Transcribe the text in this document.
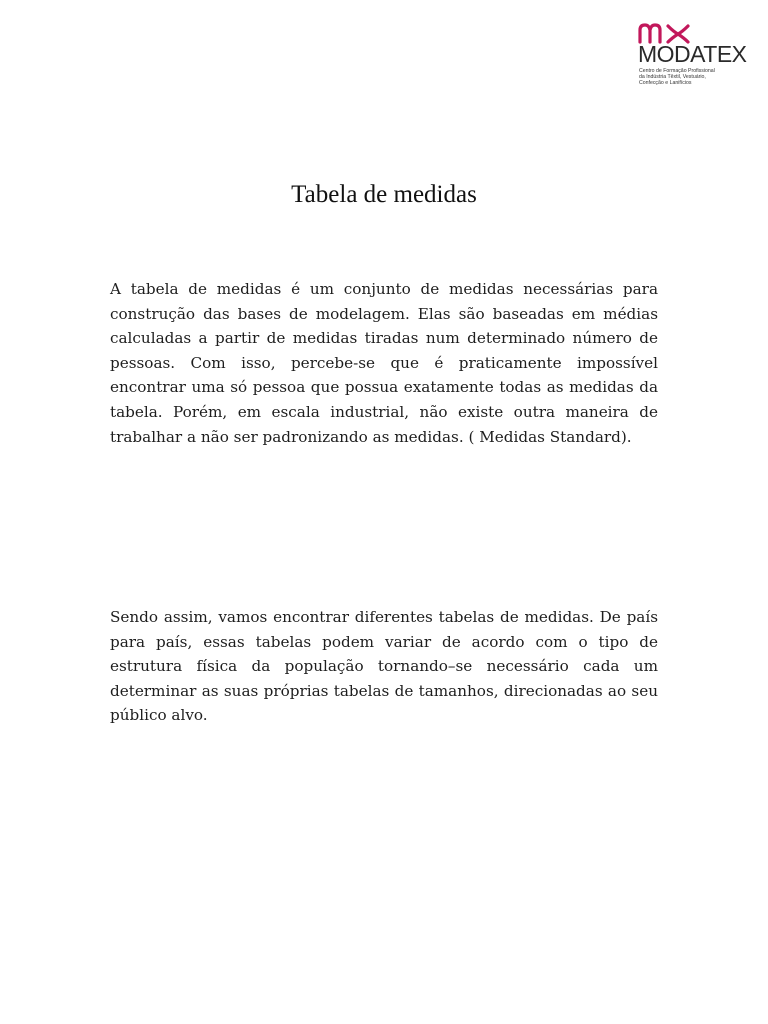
MODATEX
Centro de Formação Profissional
da Indústria Têxtil, Vestuário,
Confecção e Lanifícios
Tabela de medidas

A tabela de medidas é um conjunto de medidas necessárias para construção das bases de modelagem. Elas são baseadas em médias calculadas a partir de medidas tiradas num determinado número de pessoas. Com isso, percebe-se que é praticamente impossível encontrar uma só pessoa que possua exatamente todas as medidas da tabela. Porém, em escala industrial, não existe outra maneira de trabalhar a não ser padronizando as medidas. ( Medidas Standard).

Sendo assim, vamos encontrar diferentes tabelas de medidas. De país para país, essas tabelas podem variar de acordo com o tipo de estrutura física da população tornando–se necessário cada um determinar as suas próprias tabelas de tamanhos, direcionadas ao seu público alvo.
